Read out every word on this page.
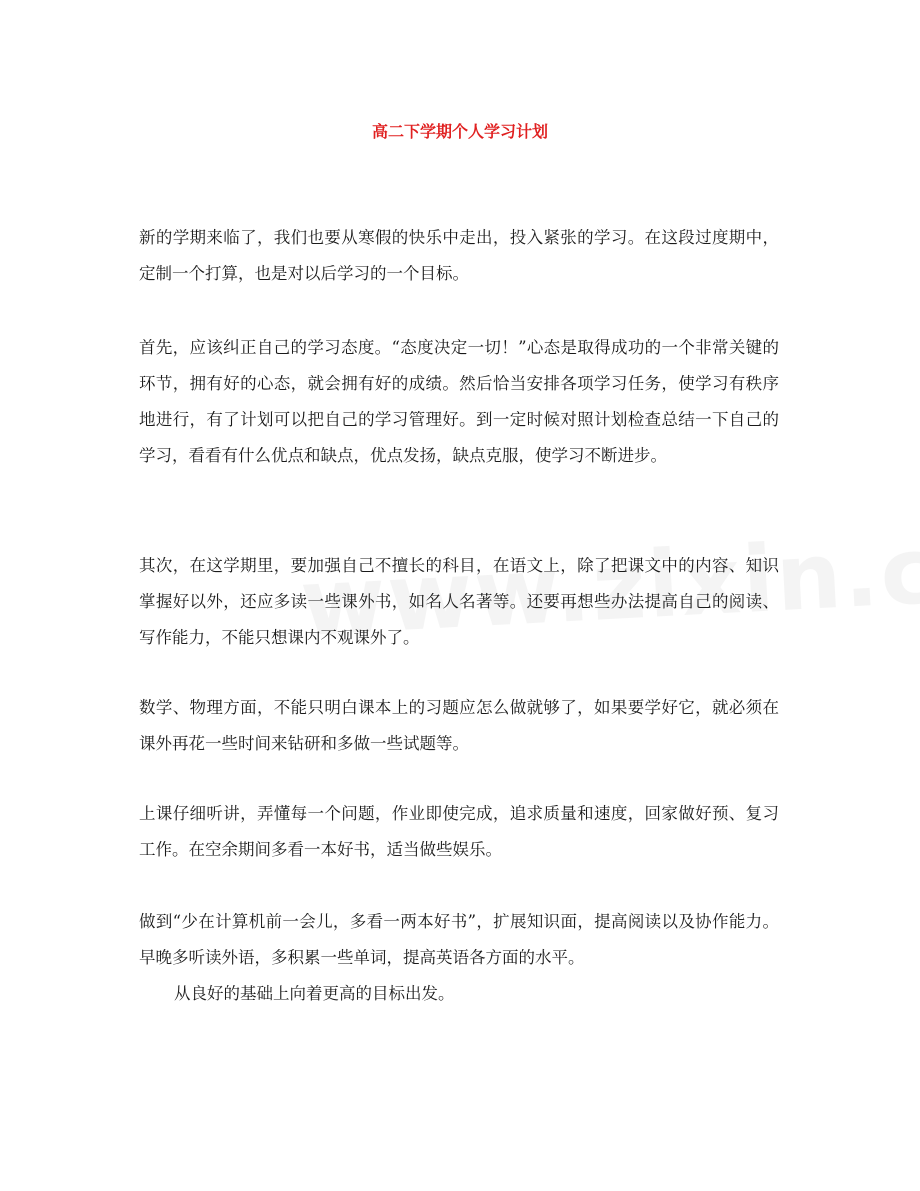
高二下学期个人学习计划

新的学期来临了，我们也要从寒假的快乐中走出，投入紧张的学习。在这段过度期中，定制一个打算，也是对以后学习的一个目标。

首先，应该纠正自己的学习态度。“态度决定一切！”心态是取得成功的一个非常关键的环节，拥有好的心态，就会拥有好的成绩。然后恰当安排各项学习任务，使学习有秩序地进行，有了计划可以把自己的学习管理好。到一定时候对照计划检查总结一下自己的学习，看看有什么优点和缺点，优点发扬，缺点克服，使学习不断进步。

其次，在这学期里，要加强自己不擅长的科目，在语文上，除了把课文中的内容、知识掌握好以外，还应多读一些课外书，如名人名著等。还要再想些办法提高自己的阅读、写作能力，不能只想课内不观课外了。

数学、物理方面，不能只明白课本上的习题应怎么做就够了，如果要学好它，就必须在课外再花一些时间来钻研和多做一些试题等。

上课仔细听讲，弄懂每一个问题，作业即使完成，追求质量和速度，回家做好预、复习工作。在空余期间多看一本好书，适当做些娱乐。

做到“少在计算机前一会儿，多看一两本好书”，扩展知识面，提高阅读以及协作能力。早晚多听读外语，多积累一些单词，提高英语各方面的水平。

从良好的基础上向着更高的目标出发。
